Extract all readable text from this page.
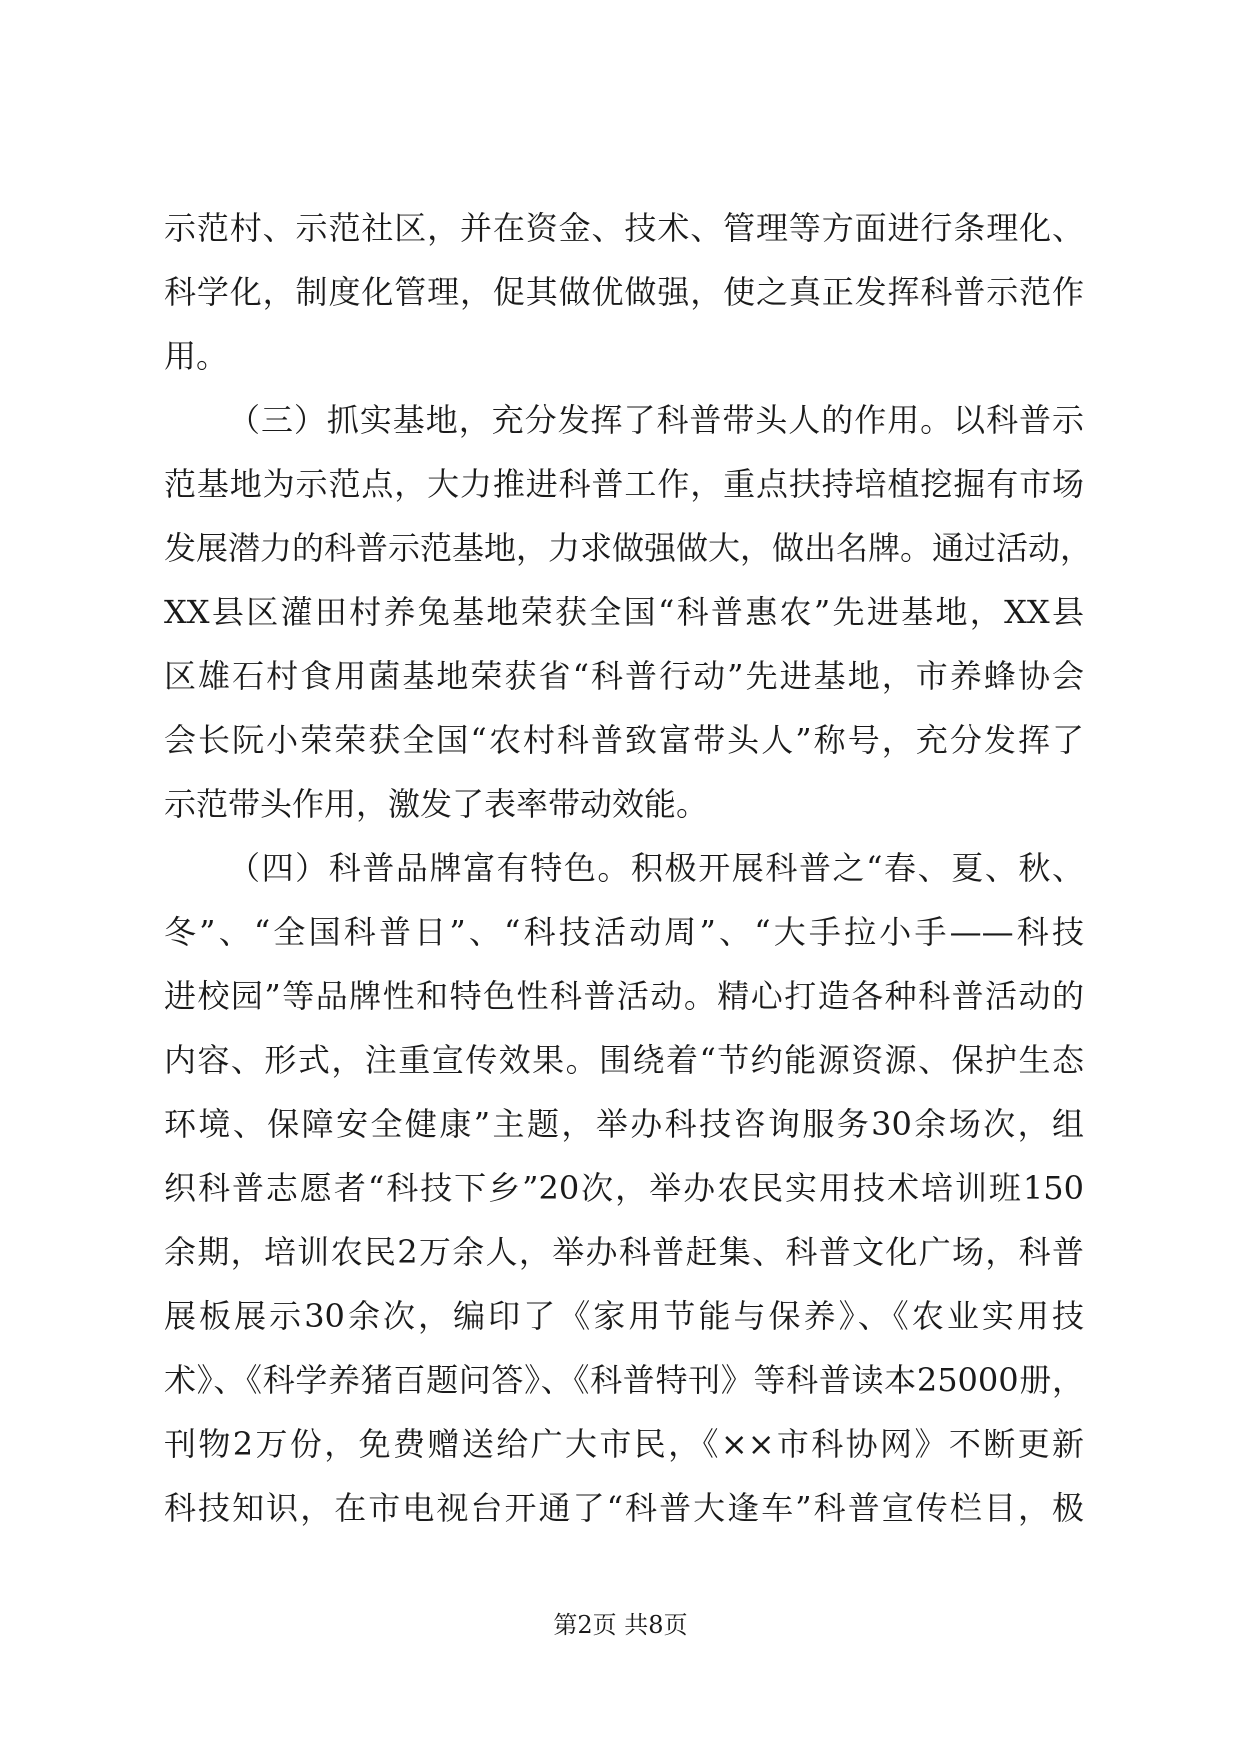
示范村、示范社区，并在资金、技术、管理等方面进行条理化、
科学化，制度化管理，促其做优做强，使之真正发挥科普示范作
用。
（三）抓实基地，充分发挥了科普带头人的作用。以科普示
范基地为示范点，大力推进科普工作，重点扶持培植挖掘有市场
发展潜力的科普示范基地，力求做强做大，做出名牌。通过活动，
XX县区灌田村养兔基地荣获全国“科普惠农”先进基地，XX县
区雄石村食用菌基地荣获省“科普行动”先进基地，市养蜂协会
会长阮小荣荣获全国“农村科普致富带头人”称号，充分发挥了
示范带头作用，激发了表率带动效能。
（四）科普品牌富有特色。积极开展科普之“春、夏、秋、
冬”、“全国科普日”、“科技活动周”、“大手拉小手——科技
进校园”等品牌性和特色性科普活动。精心打造各种科普活动的
内容、形式，注重宣传效果。围绕着“节约能源资源、保护生态
环境、保障安全健康”主题，举办科技咨询服务30余场次，组
织科普志愿者“科技下乡”20次，举办农民实用技术培训班150
余期，培训农民2万余人，举办科普赶集、科普文化广场，科普
展板展示30余次，编印了《家用节能与保养》、《农业实用技
术》、《科学养猪百题问答》、《科普特刊》等科普读本25000册，
刊物2万份，免费赠送给广大市民，《××市科协网》不断更新
科技知识，在市电视台开通了“科普大逢车”科普宣传栏目，极
第2页 共8页
